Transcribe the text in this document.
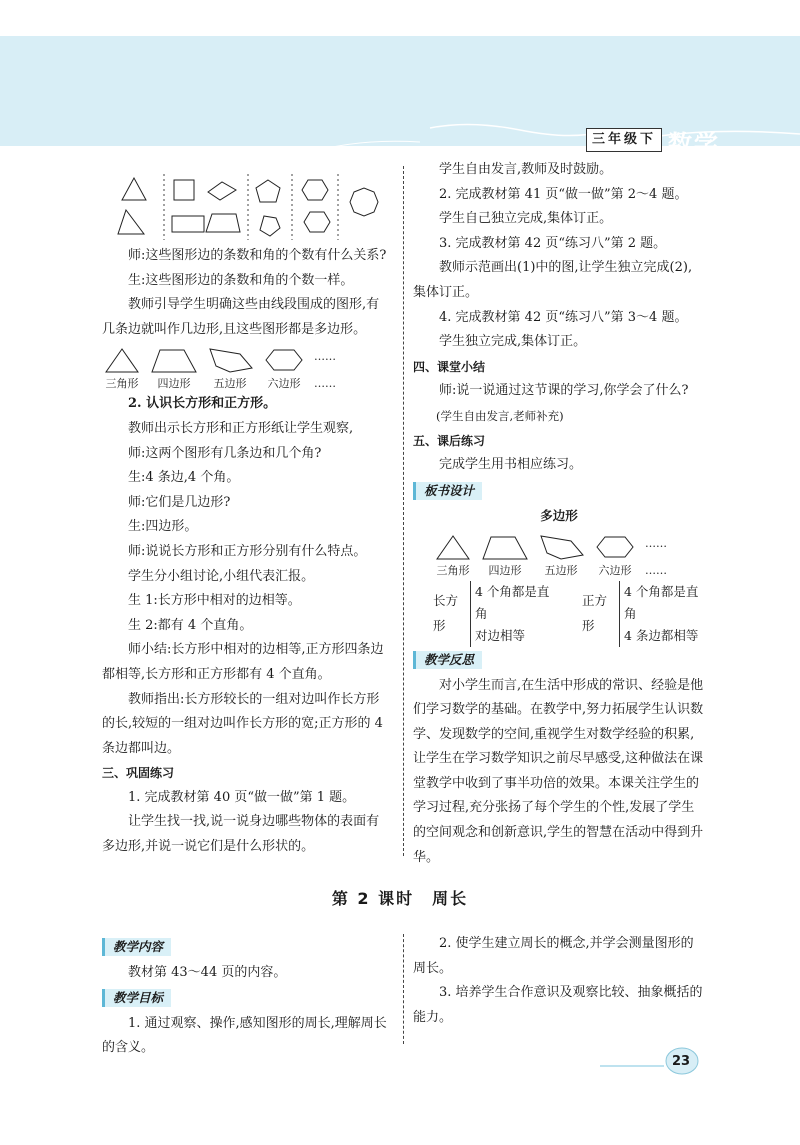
三年级下 数学

师:这些图形边的条数和角的个数有什么关系?

生:这些图形边的条数和角的个数一样。

教师引导学生明确这些由线段围成的图形,有几条边就叫作几边形,且这些图形都是多边形。

三角形	四边形	五边形	六边形
……
……

2. 认识长方形和正方形。

教师出示长方形和正方形纸让学生观察,

师:这两个图形有几条边和几个角?

生:4 条边,4 个角。

师:它们是几边形?

生:四边形。

师:说说长方形和正方形分别有什么特点。

学生分小组讨论,小组代表汇报。

生 1:长方形中相对的边相等。

生 2:都有 4 个直角。

师小结:长方形中相对的边相等,正方形四条边都相等,长方形和正方形都有 4 个直角。

教师指出:长方形较长的一组对边叫作长方形的长,较短的一组对边叫作长方形的宽;正方形的 4 条边都叫边。

三、巩固练习

1. 完成教材第 40 页“做一做”第 1 题。

让学生找一找,说一说身边哪些物体的表面有多边形,并说一说它们是什么形状的。

学生自由发言,教师及时鼓励。

2. 完成教材第 41 页“做一做”第 2～4 题。

学生自己独立完成,集体订正。

3. 完成教材第 42 页“练习八”第 2 题。

教师示范画出(1)中的图,让学生独立完成(2),集体订正。

4. 完成教材第 42 页“练习八”第 3～4 题。

学生独立完成,集体订正。

四、课堂小结

师:说一说通过这节课的学习,你学会了什么?

(学生自由发言,老师补充)

五、课后练习

完成学生用书相应练习。

板书设计

多边形

三角形	四边形	五边形	六边形
……
……
长方形
4 个角都是直角
对边相等
正方形
4 个角都是直角
4 条边都相等
教学反思

对小学生而言,在生活中形成的常识、经验是他们学习数学的基础。在教学中,努力拓展学生认识数学、发现数学的空间,重视学生对数学经验的积累,让学生在学习数学知识之前尽早感受,这种做法在课堂教学中收到了事半功倍的效果。本课关注学生的学习过程,充分张扬了每个学生的个性,发展了学生的空间观念和创新意识,学生的智慧在活动中得到升华。

第 2 课时　周长
教学内容

教材第 43～44 页的内容。

教学目标

1. 通过观察、操作,感知图形的周长,理解周长的含义。

2. 使学生建立周长的概念,并学会测量图形的周长。

3. 培养学生合作意识及观察比较、抽象概括的能力。

23
